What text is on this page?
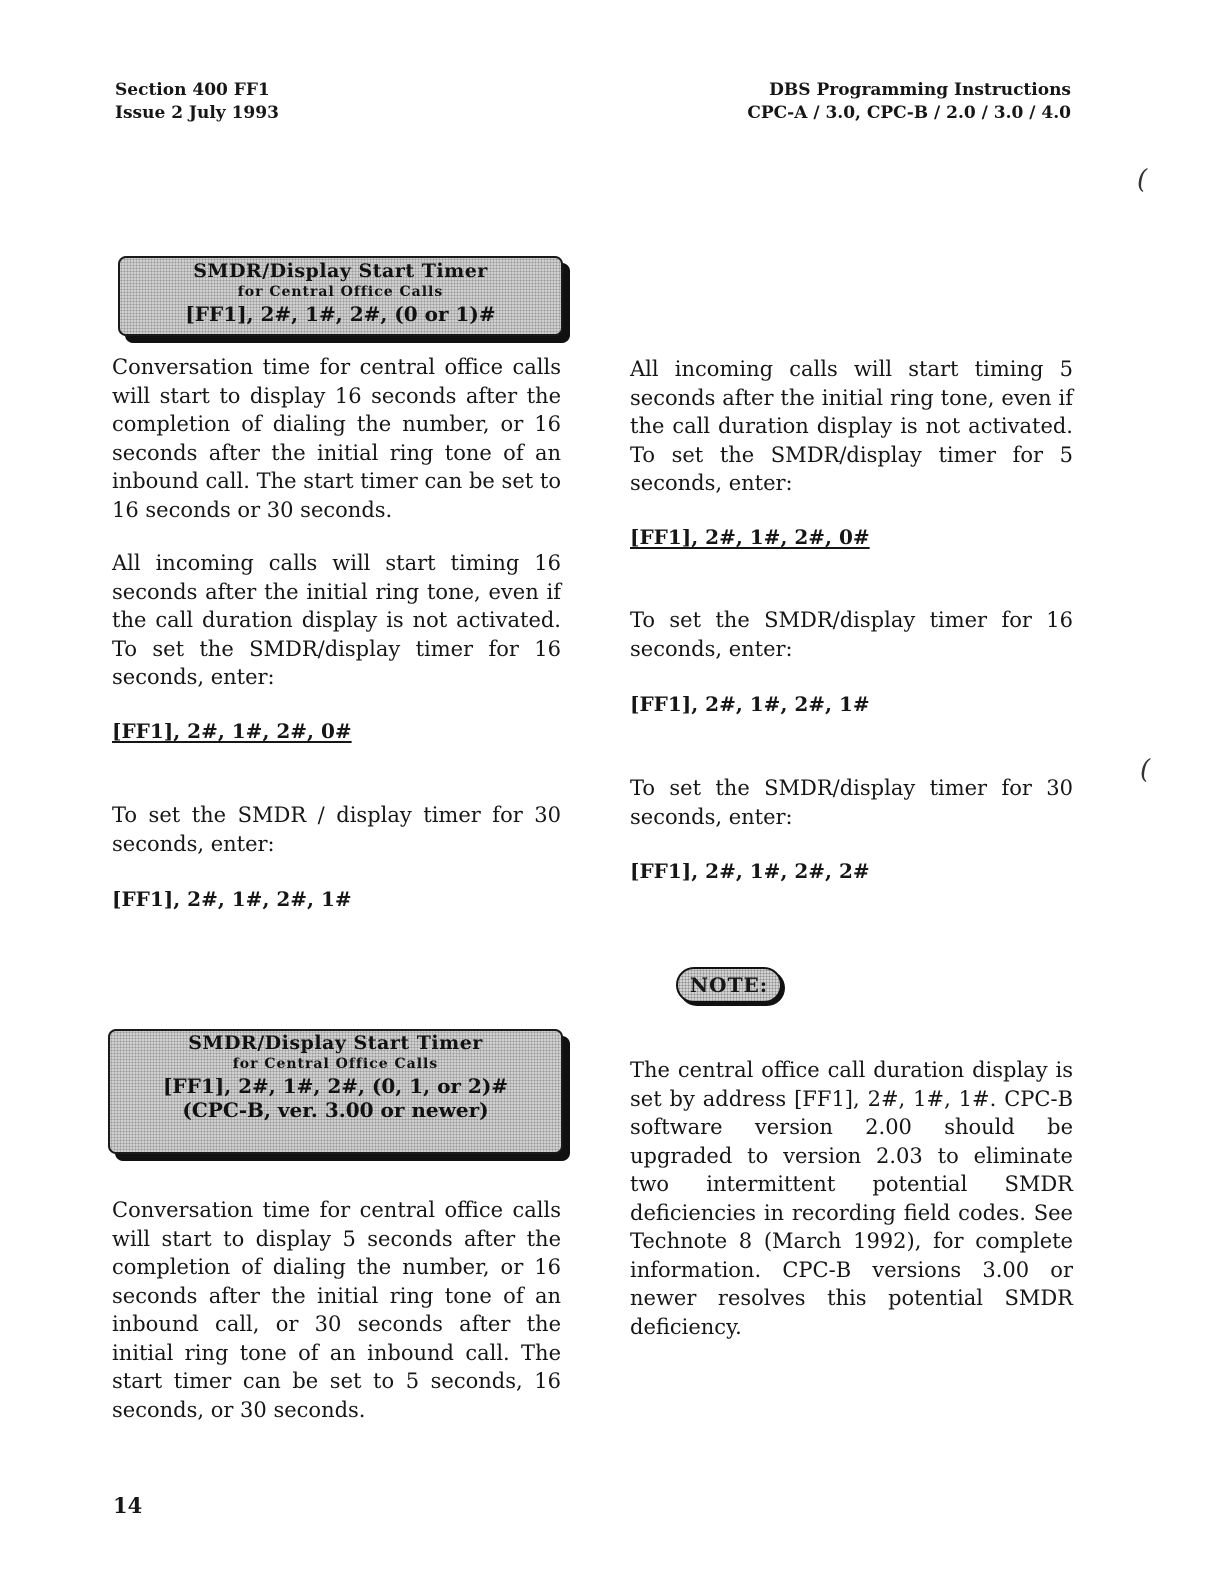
Section 400 FF1
Issue 2 July 1993
DBS Programming Instructions
CPC-A / 3.0, CPC-B / 2.0 / 3.0 / 4.0
(
(
SMDR/Display Start Timer
for Central Office Calls
[FF1], 2#, 1#, 2#, (0 or 1)#
Conversation time for central office calls will start to display 16 seconds after the completion of dialing the number, or 16 seconds after the initial ring tone of an inbound call. The start timer can be set to 16 seconds or 30 seconds.
All incoming calls will start timing 16 seconds after the initial ring tone, even if the call duration display is not activated. To set the SMDR/display timer for 16 seconds, enter:
[FF1], 2#, 1#, 2#, 0#
To set the SMDR / display timer for 30 seconds, enter:
[FF1], 2#, 1#, 2#, 1#
SMDR/Display Start Timer
for Central Office Calls
[FF1], 2#, 1#, 2#, (0, 1, or 2)#
(CPC-B, ver. 3.00 or newer)
Conversation time for central office calls will start to display 5 seconds after the completion of dialing the number, or 16 seconds after the initial ring tone of an inbound call, or 30 seconds after the initial ring tone of an inbound call. The start timer can be set to 5 seconds, 16 seconds, or 30 seconds.
All incoming calls will start timing 5 seconds after the initial ring tone, even if the call duration display is not activated. To set the SMDR/display timer for 5 seconds, enter:
[FF1], 2#, 1#, 2#, 0#
To set the SMDR/display timer for 16 seconds, enter:
[FF1], 2#, 1#, 2#, 1#
To set the SMDR/display timer for 30 seconds, enter:
[FF1], 2#, 1#, 2#, 2#
NOTE:
The central office call duration display is set by address [FF1], 2#, 1#, 1#. CPC-B software version 2.00 should be upgraded to version 2.03 to eliminate two intermittent potential SMDR deficiencies in recording field codes. See Technote 8 (March 1992), for complete information. CPC-B versions 3.00 or newer resolves this potential SMDR deficiency.
14
